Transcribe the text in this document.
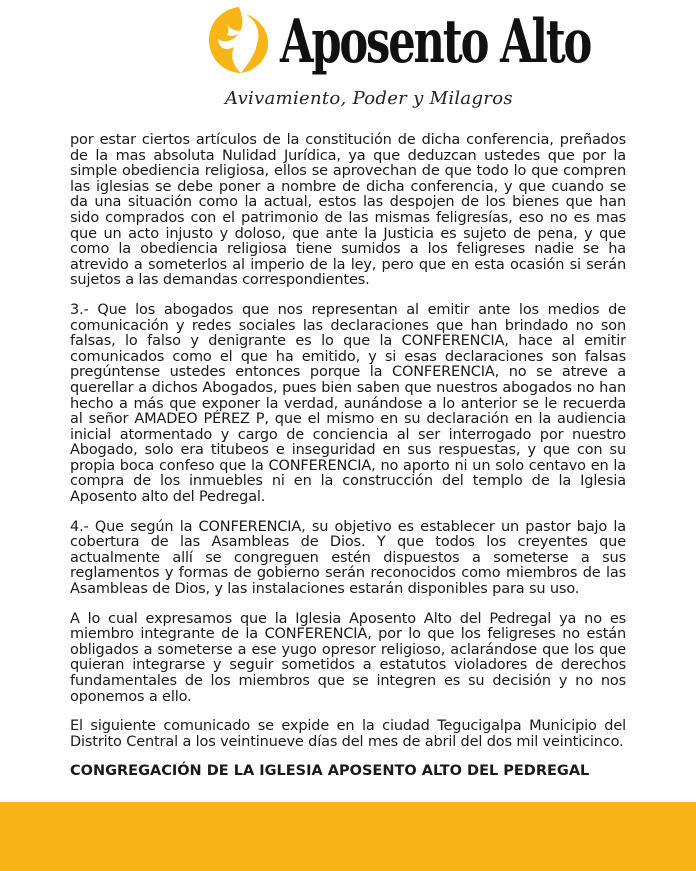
Aposento Alto
Avivamiento, Poder y Milagros

por estar ciertos artículos de la constitución de dicha conferencia, preñados de la mas absoluta Nulidad Jurídica, ya que deduzcan ustedes que por la simple obediencia religiosa, ellos se aprovechan de que todo lo que compren las iglesias se debe poner a nombre de dicha conferencia, y que cuando se da una situación como la actual, estos las despojen de los bienes que han sido comprados con el patrimonio de las mismas feligresías, eso no es mas que un acto injusto y doloso, que ante la Justicia es sujeto de pena, y que como la obediencia religiosa tiene sumidos a los feligreses nadie se ha atrevido a someterlos al imperio de la ley, pero que en esta ocasión si serán sujetos a las demandas correspondientes.

3.- Que los abogados que nos representan al emitir ante los medios de comunicación y redes sociales las declaraciones que han brindado no son falsas, lo falso y denigrante es lo que la CONFERENCIA, hace al emitir comunicados como el que ha emitido, y si esas declaraciones son falsas pregúntense ustedes entonces porque la CONFERENCIA, no se atreve a querellar a dichos Abogados, pues bien saben que nuestros abogados no han hecho a más que exponer la verdad, aunándose a lo anterior se le recuerda al señor AMADEO PÉREZ P, que el mismo en su declaración en la audiencia inicial atormentado y cargo de conciencia al ser interrogado por nuestro Abogado, solo era titubeos e inseguridad en sus respuestas, y que con su propia boca confeso que la CONFERENCIA, no aporto ni un solo centavo en la compra de los inmuebles ni en la construcción del templo de la Iglesia Aposento alto del Pedregal.

4.- Que según la CONFERENCIA, su objetivo es establecer un pastor bajo la cobertura de las Asambleas de Dios. Y que todos los creyentes que actualmente allí se congreguen estén dispuestos a someterse a sus reglamentos y formas de gobierno serán reconocidos como miembros de las Asambleas de Dios, y las instalaciones estarán disponibles para su uso.

A lo cual expresamos que la Iglesia Aposento Alto del Pedregal ya no es miembro integrante de la CONFERENCIA, por lo que los feligreses no están obligados a someterse a ese yugo opresor religioso, aclarándose que los que quieran integrarse y seguir sometidos a estatutos violadores de derechos fundamentales de los miembros que se integren es su decisión y no nos oponemos a ello.

El siguiente comunicado se expide en la ciudad Tegucigalpa Municipio del Distrito Central a los veintinueve días del mes de abril del dos mil veinticinco.

CONGREGACIÓN DE LA IGLESIA APOSENTO ALTO DEL PEDREGAL
